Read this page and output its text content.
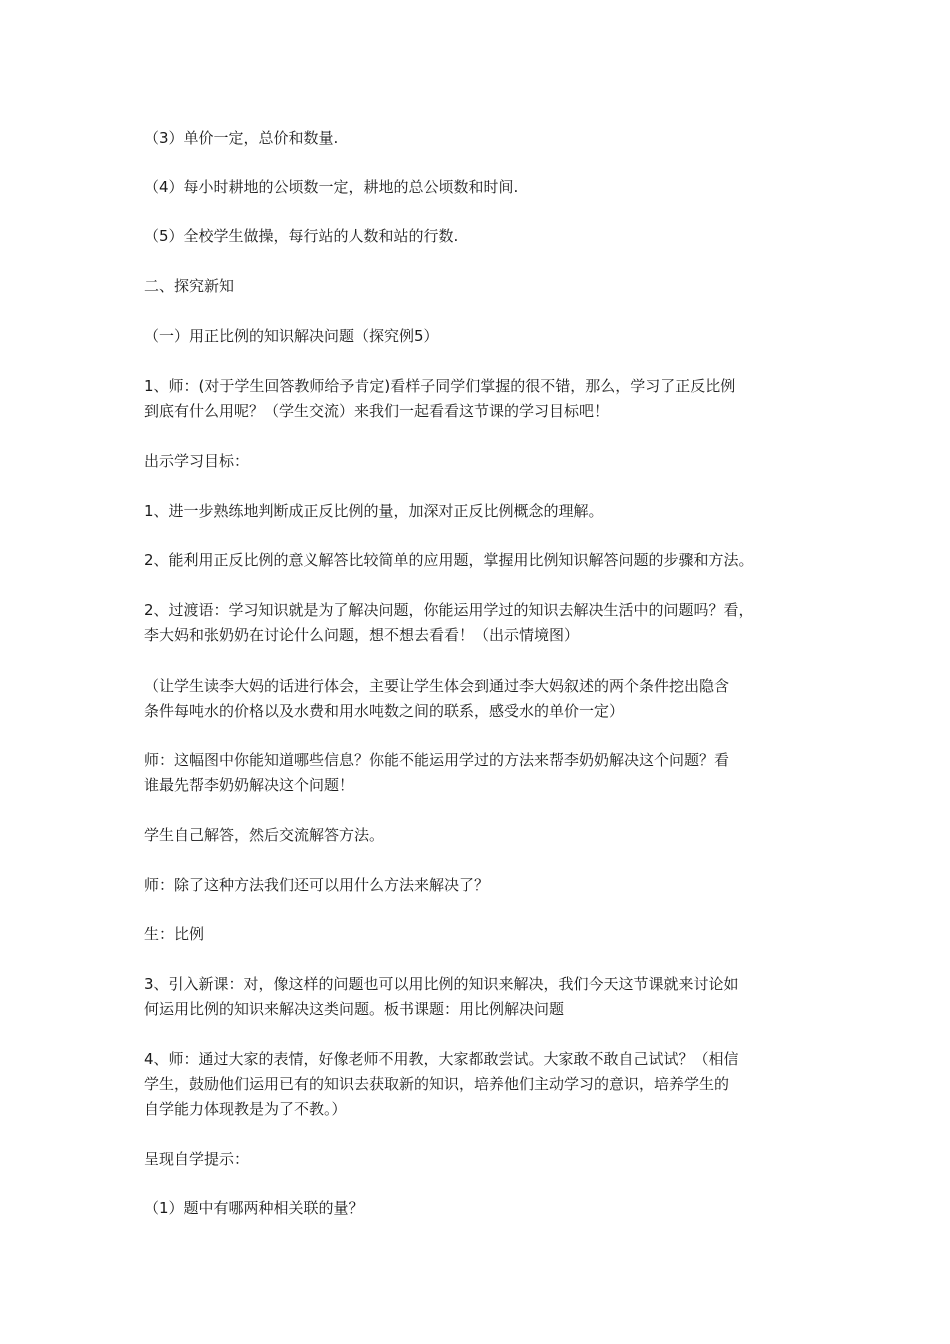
（3）单价一定，总价和数量.

（4）每小时耕地的公顷数一定，耕地的总公顷数和时间.

（5）全校学生做操，每行站的人数和站的行数.

二、探究新知

（一）用正比例的知识解决问题（探究例5）

1、师：(对于学生回答教师给予肯定)看样子同学们掌握的很不错，那么，学习了正反比例
到底有什么用呢？（学生交流）来我们一起看看这节课的学习目标吧！

出示学习目标：

1、进一步熟练地判断成正反比例的量，加深对正反比例概念的理解。

2、能利用正反比例的意义解答比较简单的应用题，掌握用比例知识解答问题的步骤和方法。

2、过渡语：学习知识就是为了解决问题，你能运用学过的知识去解决生活中的问题吗？看，
李大妈和张奶奶在讨论什么问题，想不想去看看！（出示情境图）

（让学生读李大妈的话进行体会，主要让学生体会到通过李大妈叙述的两个条件挖出隐含
条件每吨水的价格以及水费和用水吨数之间的联系，感受水的单价一定）

师：这幅图中你能知道哪些信息？你能不能运用学过的方法来帮李奶奶解决这个问题？看
谁最先帮李奶奶解决这个问题！

学生自己解答，然后交流解答方法。

师：除了这种方法我们还可以用什么方法来解决了？

生：比例

3、引入新课：对，像这样的问题也可以用比例的知识来解决，我们今天这节课就来讨论如
何运用比例的知识来解决这类问题。板书课题：用比例解决问题

4、师：通过大家的表情，好像老师不用教，大家都敢尝试。大家敢不敢自己试试？（相信
学生，鼓励他们运用已有的知识去获取新的知识，培养他们主动学习的意识，培养学生的
自学能力体现教是为了不教。）

呈现自学提示：

（1）题中有哪两种相关联的量？
